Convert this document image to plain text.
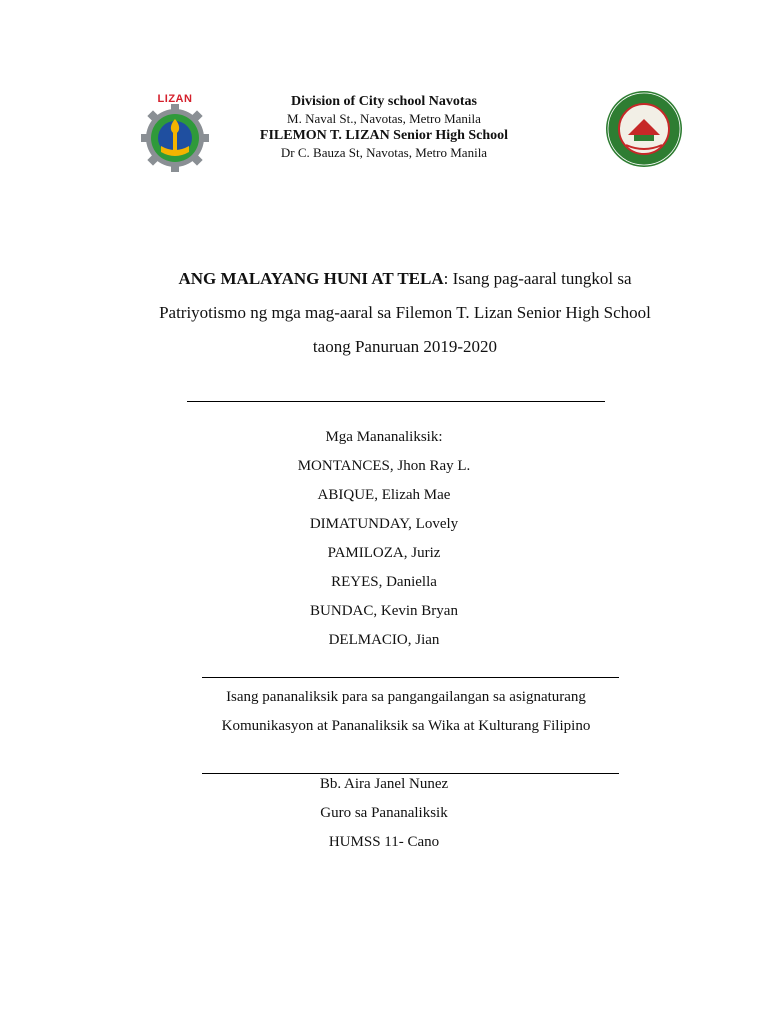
LIZAN	Division of City school Navotas
M. Naval St., Navotas, Metro Manila
FILEMON T. LIZAN Senior High School
Dr C. Bauza St, Navotas, Metro Manila
ANG MALAYANG HUNI AT TELA: Isang pag-aaral tungkol sa Patriyotismo ng mga mag-aaral sa Filemon T. Lizan Senior High School taong Panuruan 2019-2020
Mga Mananaliksik:
MONTANCES, Jhon Ray L.
ABIQUE, Elizah Mae
DIMATUNDAY, Lovely
PAMILOZA, Juriz
REYES, Daniella
BUNDAC, Kevin Bryan
DELMACIO, Jian
Isang pananaliksik para sa pangangailangan sa asignaturang Komunikasyon at Pananaliksik sa Wika at Kulturang Filipino
Bb. Aira Janel Nunez
Guro sa Pananaliksik
HUMSS 11- Cano
